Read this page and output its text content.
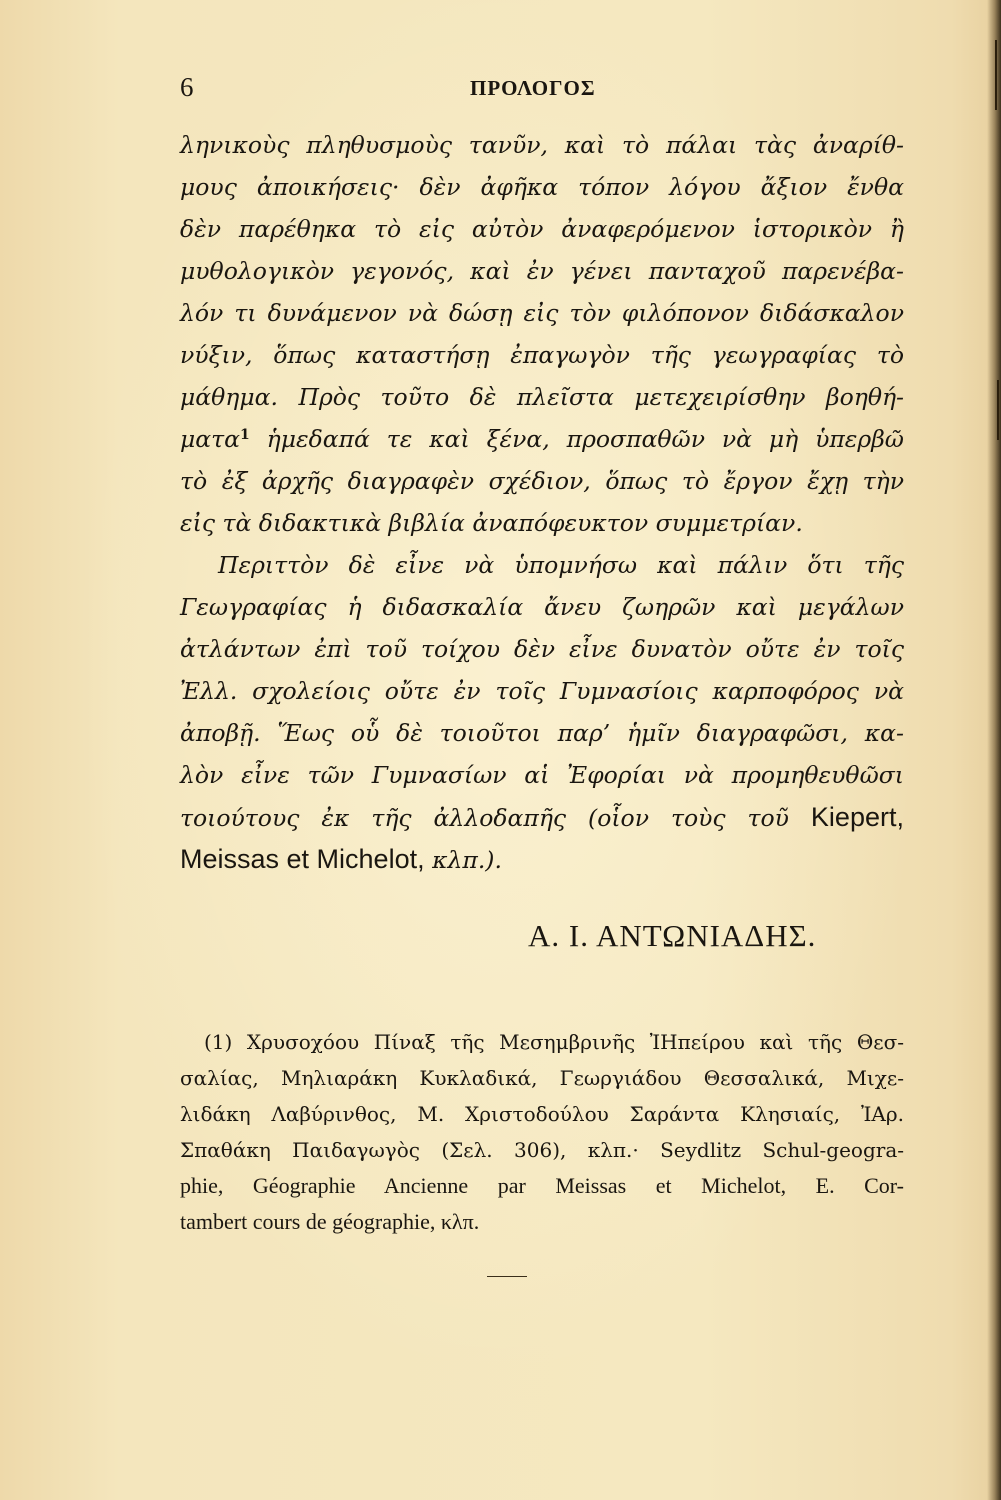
6	ΠΡΟΛΟΓΟΣ
ληνικοὺς πληθυσμοὺς τανῦν, καὶ τὸ πάλαι τὰς ἀναρίθ-
μους ἀποικήσεις· δὲν ἀφῆκα τόπον λόγου ἄξιον ἔνθα
δὲν παρέθηκα τὸ εἰς αὐτὸν ἀναφερόμενον ἱστορικὸν ἢ
μυθολογικὸν γεγονός, καὶ ἐν γένει πανταχοῦ παρενέβα-
λόν τι δυνάμενον νὰ δώσῃ εἰς τὸν φιλόπονον διδάσκαλον
νύξιν, ὅπως καταστήσῃ ἐπαγωγὸν τῆς γεωγραφίας τὸ
μάθημα. Πρὸς τοῦτο δὲ πλεῖστα μετεχειρίσθην βοηθή-
ματα$^1$ ἡμεδαπά τε καὶ ξένα, προσπαθῶν νὰ μὴ ὑπερβῶ
τὸ ἐξ ἀρχῆς διαγραφὲν σχέδιον, ὅπως τὸ ἔργον ἔχῃ τὴν
εἰς τὰ διδακτικὰ βιβλία ἀναπόφευκτον συμμετρίαν.
Περιττὸν δὲ εἶνε νὰ ὑπομνήσω καὶ πάλιν ὅτι τῆς
Γεωγραφίας ἡ διδασκαλία ἄνευ ζωηρῶν καὶ μεγάλων
ἀτλάντων ἐπὶ τοῦ τοίχου δὲν εἶνε δυνατὸν οὔτε ἐν τοῖς
Ἐλλ. σχολείοις οὔτε ἐν τοῖς Γυμνασίοις καρποφόρος νὰ
ἀποβῇ. Ἕως οὗ δὲ τοιοῦτοι παρ’ ἡμῖν διαγραφῶσι, κα-
λὸν εἶνε τῶν Γυμνασίων αἱ Ἐφορίαι νὰ προμηθευθῶσι
τοιούτους ἐκ τῆς ἀλλοδαπῆς (οἷον τοὺς τοῦ Kiepert,
Meissas et Michelot, κλπ.).
Α. Ι. ΑΝΤΩΝΙΑΔΗΣ.
(1) Χρυσοχόου Πίναξ τῆς Μεσημβρινῆς ἸΗπείρου καὶ τῆς Θεσ-
σαλίας, Μηλιαράκη Κυκλαδικά, Γεωργιάδου Θεσσαλικά, Μιχε-
λιδάκη Λαβύρινθος, Μ. Χριστοδούλου Σαράντα Κλησιαίς, ἸΑρ.
Σπαθάκη Παιδαγωγὸς (Σελ. 306), κλπ.· Seydlitz Schul-geogra-
phie, Géographie Ancienne par Meissas et Michelot, E. Cor-
tambert cours de géographie, κλπ.
